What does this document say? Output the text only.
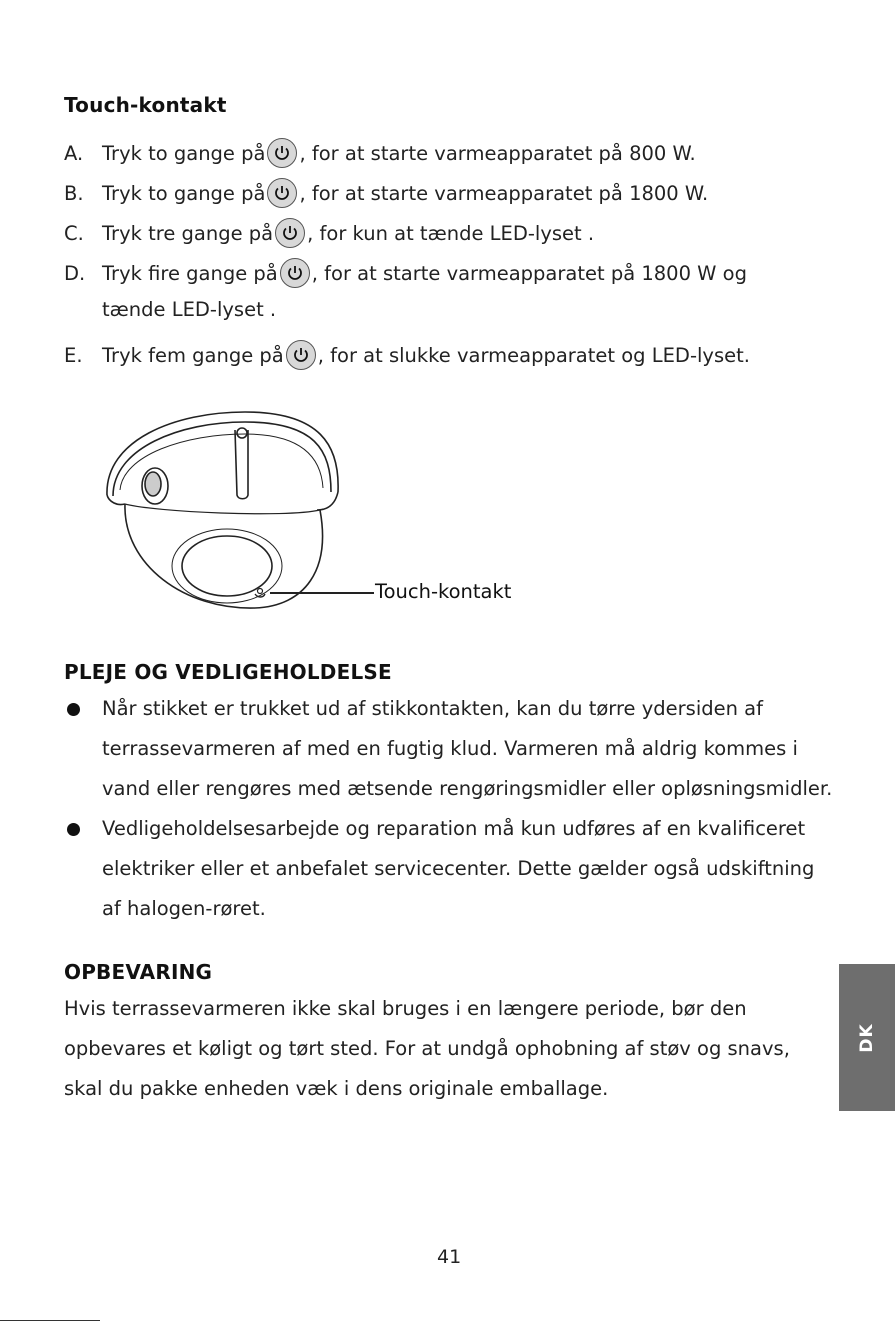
Touch-kontakt
A. Tryk to gange på , for at starte varmeapparatet på 800 W.
B. Tryk to gange på , for at starte varmeapparatet på 1800 W.
C. Tryk tre gange på , for kun at tænde LED-lyset .
D. Tryk fire gange på , for at starte varmeapparatet på 1800 W og
tænde LED-lyset .
E. Tryk fem gange på , for at slukke varmeapparatet og LED-lyset.
Touch-kontakt
PLEJE OG VEDLIGEHOLDELSE
Når stikket er trukket ud af stikkontakten, kan du tørre ydersiden af
terrassevarmeren af med en fugtig klud. Varmeren må aldrig kommes i
vand eller rengøres med ætsende rengøringsmidler eller opløsningsmidler.
Vedligeholdelsesarbejde og reparation må kun udføres af en kvalificeret
elektriker eller et anbefalet servicecenter. Dette gælder også udskiftning
af halogen-røret.
OPBEVARING
Hvis terrassevarmeren ikke skal bruges i en længere periode, bør den
opbevares et køligt og tørt sted. For at undgå ophobning af støv og snavs,
skal du pakke enheden væk i dens originale emballage.
DK
41
